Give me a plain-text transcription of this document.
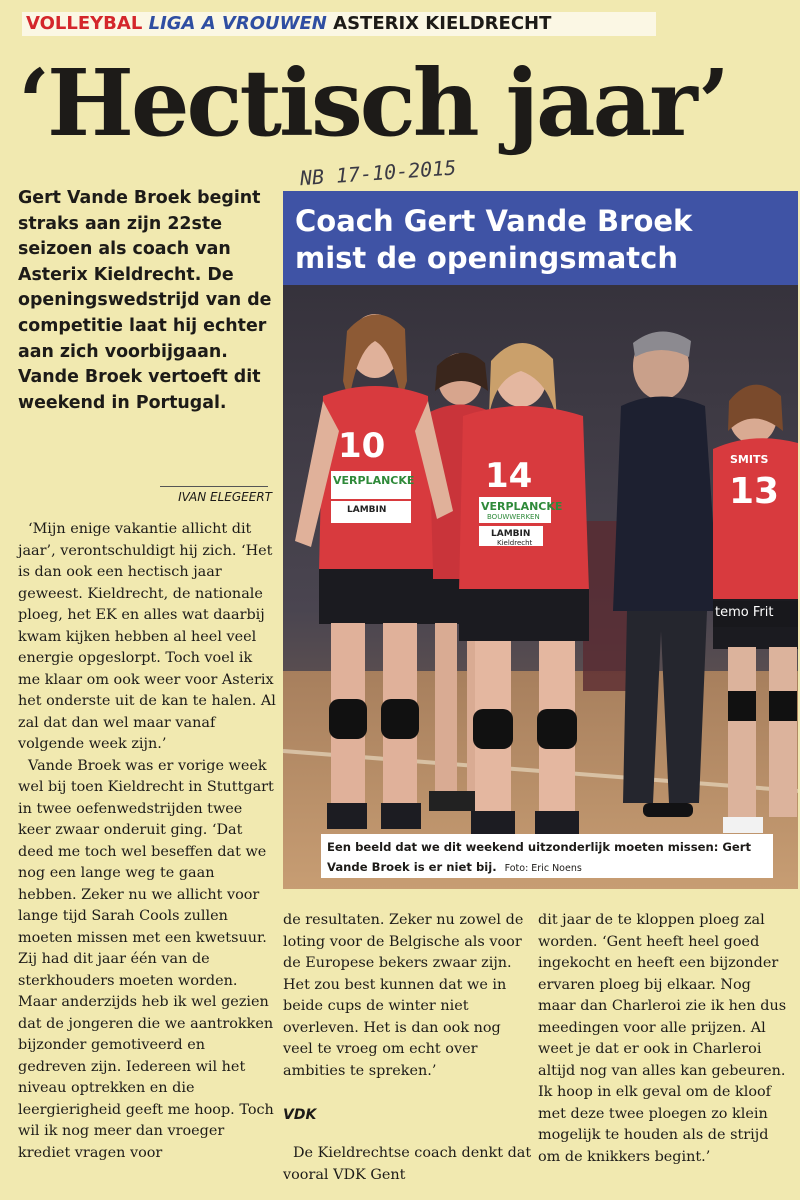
VOLLEYBAL LIGA A VROUWEN ASTERIX KIELDRECHT
‘Hectisch jaar’
NB 17-10-2015
Gert Vande Broek begint straks aan zijn 22ste seizoen als coach van Asterix Kieldrecht. De openingswedstrijd van de competitie laat hij echter aan zich voorbijgaan. Vande Broek vertoeft dit weekend in Portugal.
IVAN ELEGEERT
10
VERPLANCKE
LAMBIN
14
VERPLANCKE
BOUWWERKEN
LAMBIN
Kieldrecht
SMITS
13
temo Frit
Coach Gert Vande Broek
mist de openingsmatch
Een beeld dat we dit weekend uitzonderlijk moeten missen: Gert Vande Broek is er niet bij. Foto: Eric Noens

‘Mijn enige vakantie allicht dit jaar’, verontschuldigt hij zich. ‘Het is dan ook een hectisch jaar geweest. Kieldrecht, de nationale ploeg, het EK en alles wat daarbij kwam kijken hebben al heel veel energie opgeslorpt. Toch voel ik me klaar om ook weer voor Asterix het onderste uit de kan te halen. Al zal dat dan wel maar vanaf volgende week zijn.’

Vande Broek was er vorige week wel bij toen Kieldrecht in Stuttgart in twee oefenwedstrijden twee keer zwaar onderuit ging. ‘Dat deed me toch wel beseffen dat we nog een lange weg te gaan hebben. Zeker nu we allicht voor lange tijd Sarah Cools zullen moeten missen met een kwetsuur. Zij had dit jaar één van de sterkhouders moeten worden. Maar anderzijds heb ik wel gezien dat de jongeren die we aantrokken bijzonder gemotiveerd en gedreven zijn. Iedereen wil het niveau optrekken en die leergierigheid geeft me hoop. Toch wil ik nog meer dan vroeger krediet vragen voor

de resultaten. Zeker nu zowel de loting voor de Belgische als voor de Europese bekers zwaar zijn. Het zou best kunnen dat we in beide cups de winter niet overleven. Het is dan ook nog veel te vroeg om echt over ambities te spreken.’

VDK

De Kieldrechtse coach denkt dat vooral VDK Gent

dit jaar de te kloppen ploeg zal worden. ‘Gent heeft heel goed ingekocht en heeft een bijzonder ervaren ploeg bij elkaar. Nog maar dan Charleroi zie ik hen dus meedingen voor alle prijzen. Al weet je dat er ook in Charleroi altijd nog van alles kan gebeuren. Ik hoop in elk geval om de kloof met deze twee ploegen zo klein mogelijk te houden als de strijd om de knikkers begint.’
